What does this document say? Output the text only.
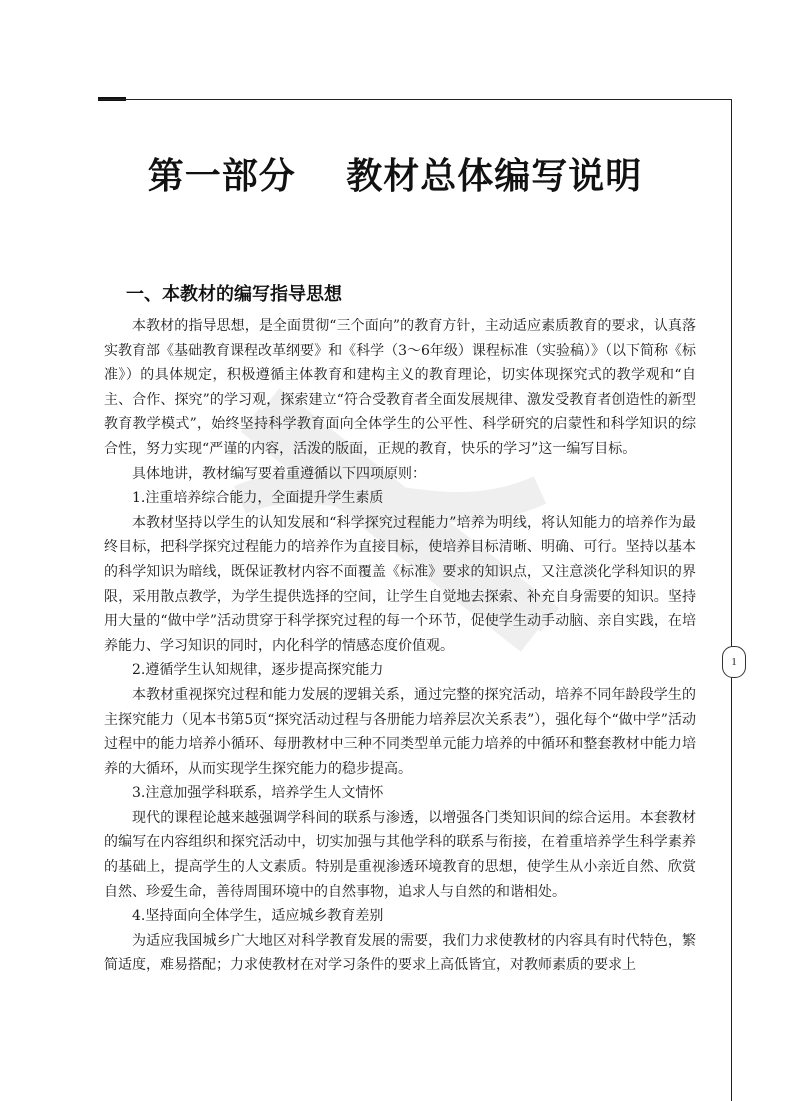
第一部分　 教材总体编写说明
一、本教材的编写指导思想

本教材的指导思想，是全面贯彻“三个面向”的教育方针，主动适应素质教育的要求，认真落实教育部《基础教育课程改革纲要》和《科学（3～6年级）课程标准（实验稿）》（以下简称《标准》）的具体规定，积极遵循主体教育和建构主义的教育理论，切实体现探究式的教学观和“自主、合作、探究”的学习观，探索建立“符合受教育者全面发展规律、激发受教育者创造性的新型教育教学模式”，始终坚持科学教育面向全体学生的公平性、科学研究的启蒙性和科学知识的综合性，努力实现“严谨的内容，活泼的版面，正规的教育，快乐的学习”这一编写目标。

具体地讲，教材编写要着重遵循以下四项原则：

1.注重培养综合能力，全面提升学生素质

本教材坚持以学生的认知发展和“科学探究过程能力”培养为明线，将认知能力的培养作为最终目标，把科学探究过程能力的培养作为直接目标，使培养目标清晰、明确、可行。坚持以基本的科学知识为暗线，既保证教材内容不面覆盖《标准》要求的知识点，又注意淡化学科知识的界限，采用散点教学，为学生提供选择的空间，让学生自觉地去探索、补充自身需要的知识。坚持用大量的“做中学”活动贯穿于科学探究过程的每一个环节，促使学生动手动脑、亲自实践，在培养能力、学习知识的同时，内化科学的情感态度价值观。

2.遵循学生认知规律，逐步提高探究能力

本教材重视探究过程和能力发展的逻辑关系，通过完整的探究活动，培养不同年龄段学生的主探究能力（见本书第5页“探究活动过程与各册能力培养层次关系表”），强化每个“做中学”活动过程中的能力培养小循环、每册教材中三种不同类型单元能力培养的中循环和整套教材中能力培养的大循环，从而实现学生探究能力的稳步提高。

3.注意加强学科联系，培养学生人文情怀

现代的课程论越来越强调学科间的联系与渗透，以增强各门类知识间的综合运用。本套教材的编写在内容组织和探究活动中，切实加强与其他学科的联系与衔接，在着重培养学生科学素养的基础上，提高学生的人文素质。特别是重视渗透环境教育的思想，使学生从小亲近自然、欣赏自然、珍爱生命，善待周围环境中的自然事物，追求人与自然的和谐相处。

4.坚持面向全体学生，适应城乡教育差别

为适应我国城乡广大地区对科学教育发展的需要，我们力求使教材的内容具有时代特色，繁简适度，难易搭配；力求使教材在对学习条件的要求上高低皆宜，对教师素质的要求上

1
